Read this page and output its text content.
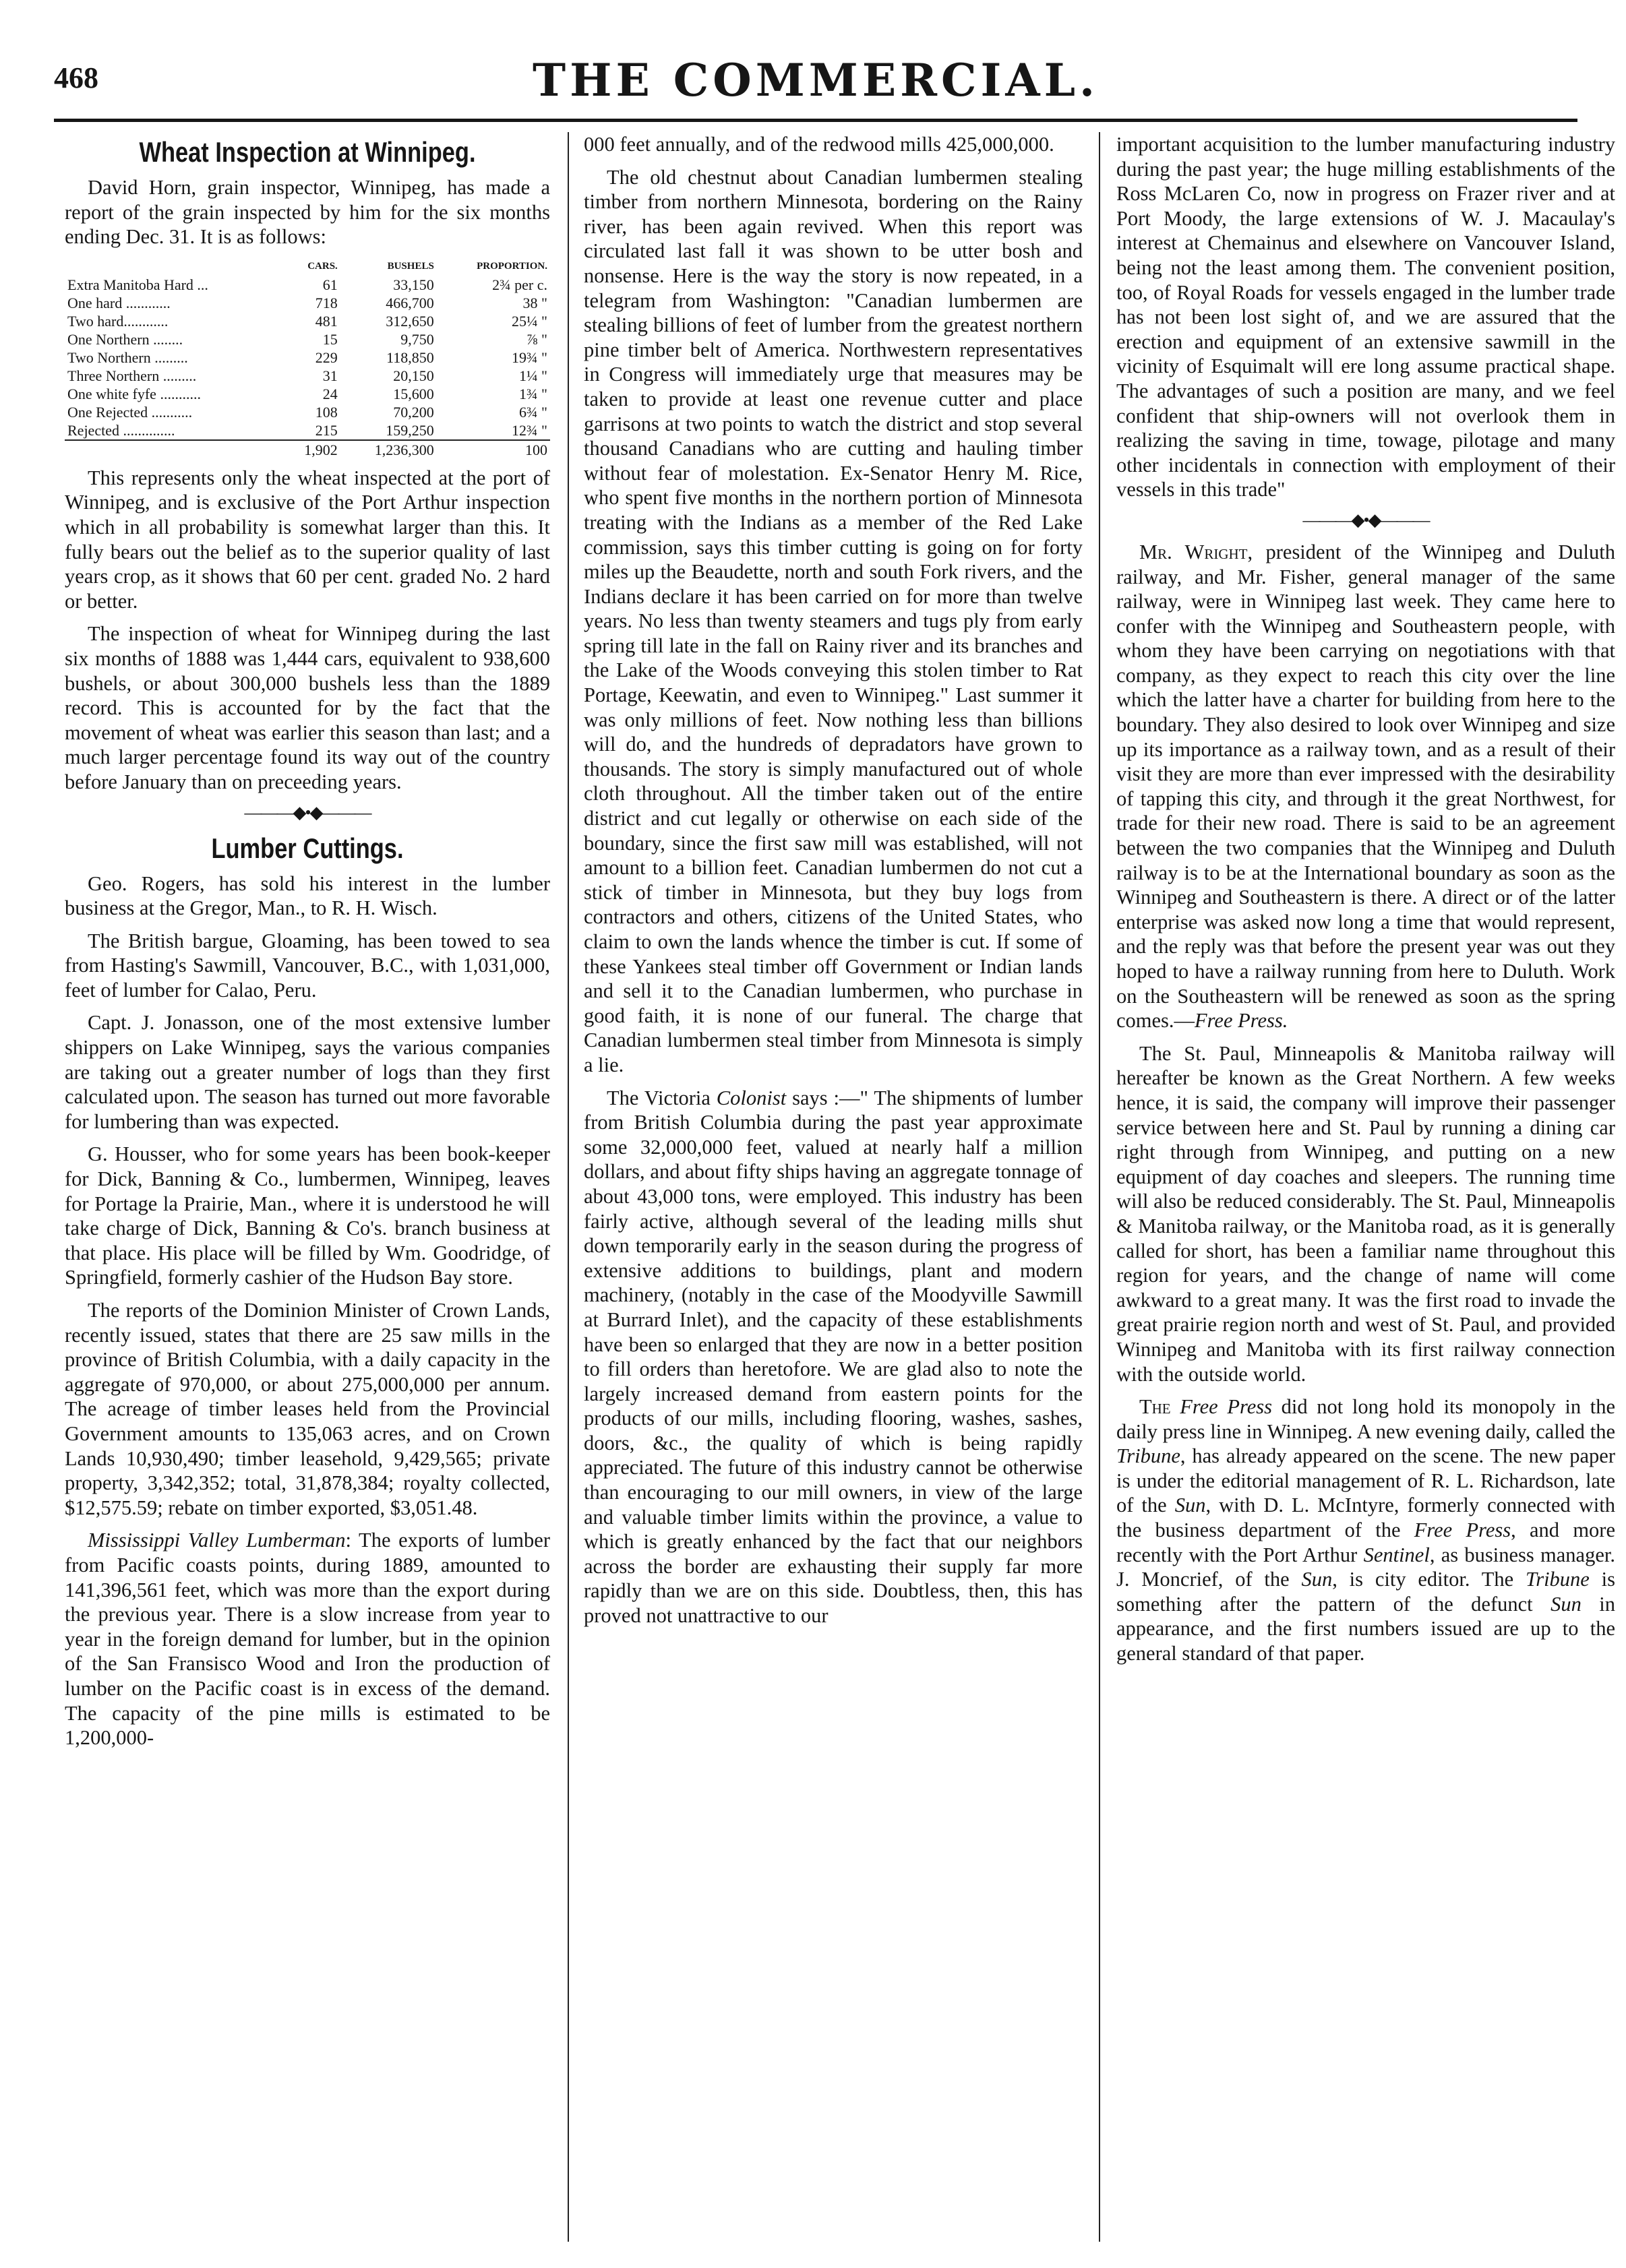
468	THE COMMERCIAL.
Wheat Inspection at Winnipeg.

David Horn, grain inspector, Winnipeg, has made a report of the grain inspected by him for the six months ending Dec. 31. It is as follows:

	CARS.	BUSHELS	PROPORTION.
Extra Manitoba Hard ...	61	33,150	2¾ per c.
One hard ............	718	466,700	38 "
Two hard............	481	312,650	25¼ "
One Northern ........	15	9,750	⅞ "
Two Northern .........	229	118,850	19¾ "
Three Northern .........	31	20,150	1¼ "
One white fyfe ...........	24	15,600	1¾ "
One Rejected ...........	108	70,200	6¾ "
Rejected ..............	215	159,250	12¾ "
	1,902	1,236,300	100

This represents only the wheat inspected at the port of Winnipeg, and is exclusive of the Port Arthur inspection which in all probability is somewhat larger than this. It fully bears out the belief as to the superior quality of last years crop, as it shows that 60 per cent. graded No. 2 hard or better.

The inspection of wheat for Winnipeg during the last six months of 1888 was 1,444 cars, equivalent to 938,600 bushels, or about 300,000 bushels less than the 1889 record. This is accounted for by the fact that the movement of wheat was earlier this season than last; and a much larger percentage found its way out of the country before January than on preceeding years.

———◆•◆———
Lumber Cuttings.

Geo. Rogers, has sold his interest in the lumber business at the Gregor, Man., to R. H. Wisch.

The British bargue, Gloaming, has been towed to sea from Hasting's Sawmill, Vancouver, B.C., with 1,031,000, feet of lumber for Calao, Peru.

Capt. J. Jonasson, one of the most extensive lumber shippers on Lake Winnipeg, says the various companies are taking out a greater number of logs than they first calculated upon. The season has turned out more favorable for lumbering than was expected.

G. Housser, who for some years has been book-keeper for Dick, Banning & Co., lumbermen, Winnipeg, leaves for Portage la Prairie, Man., where it is understood he will take charge of Dick, Banning & Co's. branch business at that place. His place will be filled by Wm. Goodridge, of Springfield, formerly cashier of the Hudson Bay store.

The reports of the Dominion Minister of Crown Lands, recently issued, states that there are 25 saw mills in the province of British Columbia, with a daily capacity in the aggregate of 970,000, or about 275,000,000 per annum. The acreage of timber leases held from the Provincial Government amounts to 135,063 acres, and on Crown Lands 10,930,490; timber leasehold, 9,429,565; private property, 3,342,352; total, 31,878,384; royalty collected, $12,575.59; rebate on timber exported, $3,051.48.

Mississippi Valley Lumberman: The exports of lumber from Pacific coasts points, during 1889, amounted to 141,396,561 feet, which was more than the export during the previous year. There is a slow increase from year to year in the foreign demand for lumber, but in the opinion of the San Fransisco Wood and Iron the production of lumber on the Pacific coast is in excess of the demand. The capacity of the pine mills is estimated to be 1,200,000-

000 feet annually, and of the redwood mills 425,000,000.

The old chestnut about Canadian lumbermen stealing timber from northern Minnesota, bordering on the Rainy river, has been again revived. When this report was circulated last fall it was shown to be utter bosh and nonsense. Here is the way the story is now repeated, in a telegram from Washington: "Canadian lumbermen are stealing billions of feet of lumber from the greatest northern pine timber belt of America. Northwestern representatives in Congress will immediately urge that measures may be taken to provide at least one revenue cutter and place garrisons at two points to watch the district and stop several thousand Canadians who are cutting and hauling timber without fear of molestation. Ex-Senator Henry M. Rice, who spent five months in the northern portion of Minnesota treating with the Indians as a member of the Red Lake commission, says this timber cutting is going on for forty miles up the Beaudette, north and south Fork rivers, and the Indians declare it has been carried on for more than twelve years. No less than twenty steamers and tugs ply from early spring till late in the fall on Rainy river and its branches and the Lake of the Woods conveying this stolen timber to Rat Portage, Keewatin, and even to Winnipeg." Last summer it was only millions of feet. Now nothing less than billions will do, and the hundreds of depradators have grown to thousands. The story is simply manufactured out of whole cloth throughout. All the timber taken out of the entire district and cut legally or otherwise on each side of the boundary, since the first saw mill was established, will not amount to a billion feet. Canadian lumbermen do not cut a stick of timber in Minnesota, but they buy logs from contractors and others, citizens of the United States, who claim to own the lands whence the timber is cut. If some of these Yankees steal timber off Government or Indian lands and sell it to the Canadian lumbermen, who purchase in good faith, it is none of our funeral. The charge that Canadian lumbermen steal timber from Minnesota is simply a lie.

The Victoria Colonist says :—" The shipments of lumber from British Columbia during the past year approximate some 32,000,000 feet, valued at nearly half a million dollars, and about fifty ships having an aggregate tonnage of about 43,000 tons, were employed. This industry has been fairly active, although several of the leading mills shut down temporarily early in the season during the progress of extensive additions to buildings, plant and modern machinery, (notably in the case of the Moodyville Sawmill at Burrard Inlet), and the capacity of these establishments have been so enlarged that they are now in a better position to fill orders than heretofore. We are glad also to note the largely increased demand from eastern points for the products of our mills, including flooring, washes, sashes, doors, &c., the quality of which is being rapidly appreciated. The future of this industry cannot be otherwise than encouraging to our mill owners, in view of the large and valuable timber limits within the province, a value to which is greatly enhanced by the fact that our neighbors across the border are exhausting their supply far more rapidly than we are on this side. Doubtless, then, this has proved not unattractive to our

important acquisition to the lumber manufacturing industry during the past year; the huge milling establishments of the Ross McLaren Co, now in progress on Frazer river and at Port Moody, the large extensions of W. J. Macaulay's interest at Chemainus and elsewhere on Vancouver Island, being not the least among them. The convenient position, too, of Royal Roads for vessels engaged in the lumber trade has not been lost sight of, and we are assured that the erection and equipment of an extensive sawmill in the vicinity of Esquimalt will ere long assume practical shape. The advantages of such a position are many, and we feel confident that ship-owners will not overlook them in realizing the saving in time, towage, pilotage and many other incidentals in connection with employment of their vessels in this trade"

———◆•◆———

Mr. Wright, president of the Winnipeg and Duluth railway, and Mr. Fisher, general manager of the same railway, were in Winnipeg last week. They came here to confer with the Winnipeg and Southeastern people, with whom they have been carrying on negotiations with that company, as they expect to reach this city over the line which the latter have a charter for building from here to the boundary. They also desired to look over Winnipeg and size up its importance as a railway town, and as a result of their visit they are more than ever impressed with the desirability of tapping this city, and through it the great Northwest, for trade for their new road. There is said to be an agreement between the two companies that the Winnipeg and Duluth railway is to be at the International boundary as soon as the Winnipeg and Southeastern is there. A direct or of the latter enterprise was asked now long a time that would represent, and the reply was that before the present year was out they hoped to have a railway running from here to Duluth. Work on the Southeastern will be renewed as soon as the spring comes.—Free Press.

The St. Paul, Minneapolis & Manitoba railway will hereafter be known as the Great Northern. A few weeks hence, it is said, the company will improve their passenger service between here and St. Paul by running a dining car right through from Winnipeg, and putting on a new equipment of day coaches and sleepers. The running time will also be reduced considerably. The St. Paul, Minneapolis & Manitoba railway, or the Manitoba road, as it is generally called for short, has been a familiar name throughout this region for years, and the change of name will come awkward to a great many. It was the first road to invade the great prairie region north and west of St. Paul, and provided Winnipeg and Manitoba with its first railway connection with the outside world.

The Free Press did not long hold its monopoly in the daily press line in Winnipeg. A new evening daily, called the Tribune, has already appeared on the scene. The new paper is under the editorial management of R. L. Richardson, late of the Sun, with D. L. McIntyre, formerly connected with the business department of the Free Press, and more recently with the Port Arthur Sentinel, as business manager. J. Moncrief, of the Sun, is city editor. The Tribune is something after the pattern of the defunct Sun in appearance, and the first numbers issued are up to the general standard of that paper.
